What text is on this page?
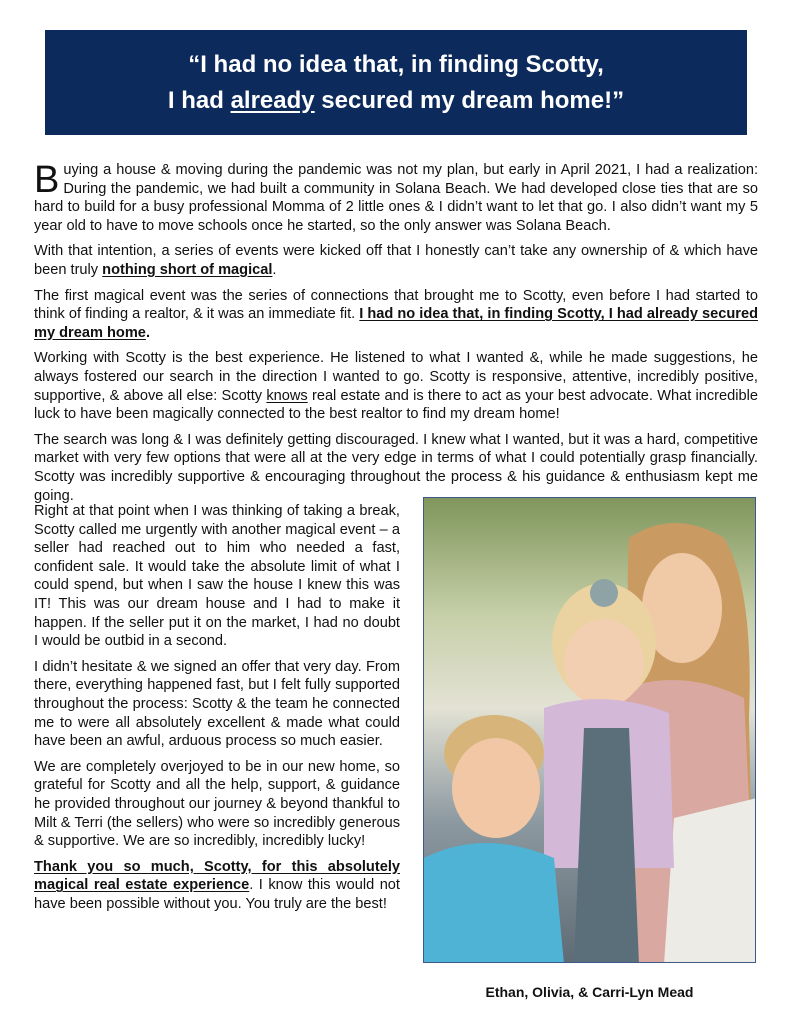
“I had no idea that, in finding Scotty,
I had already secured my dream home!”

Buying a house & moving during the pandemic was not my plan, but early in April 2021, I had a realization: During the pandemic, we had built a community in Solana Beach. We had developed close ties that are so hard to build for a busy professional Momma of 2 little ones & I didn’t want to let that go. I also didn’t want my 5 year old to have to move schools once he started, so the only answer was Solana Beach.

With that intention, a series of events were kicked off that I honestly can’t take any ownership of & which have been truly nothing short of magical.

The first magical event was the series of connections that brought me to Scotty, even before I had started to think of finding a realtor, & it was an immediate fit. I had no idea that, in finding Scotty, I had already secured my dream home.

Working with Scotty is the best experience. He listened to what I wanted &, while he made suggestions, he always fostered our search in the direction I wanted to go. Scotty is responsive, attentive, incredibly positive, supportive, & above all else: Scotty knows real estate and is there to act as your best advocate. What incredible luck to have been magically connected to the best realtor to find my dream home!

The search was long & I was definitely getting discouraged. I knew what I wanted, but it was a hard, competitive market with very few options that were all at the very edge in terms of what I could potentially grasp financially. Scotty was incredibly supportive & encouraging throughout the process & his guidance & enthusiasm kept me going.

Right at that point when I was thinking of taking a break, Scotty called me urgently with another magical event – a seller had reached out to him who needed a fast, confident sale. It would take the absolute limit of what I could spend, but when I saw the house I knew this was IT! This was our dream house and I had to make it happen. If the seller put it on the market, I had no doubt I would be outbid in a second.

I didn’t hesitate & we signed an offer that very day. From there, everything happened fast, but I felt fully supported throughout the process: Scotty & the team he connected me to were all absolutely excellent & made what could have been an awful, arduous process so much easier.

We are completely overjoyed to be in our new home, so grateful for Scotty and all the help, support, & guidance he provided throughout our journey & beyond thankful to Milt & Terri (the sellers) who were so incredibly generous & supportive. We are so incredibly, incredibly lucky!

Thank you so much, Scotty, for this absolutely magical real estate experience. I know this would not have been possible without you. You truly are the best!

Ethan, Olivia, & Carri-Lyn Mead
